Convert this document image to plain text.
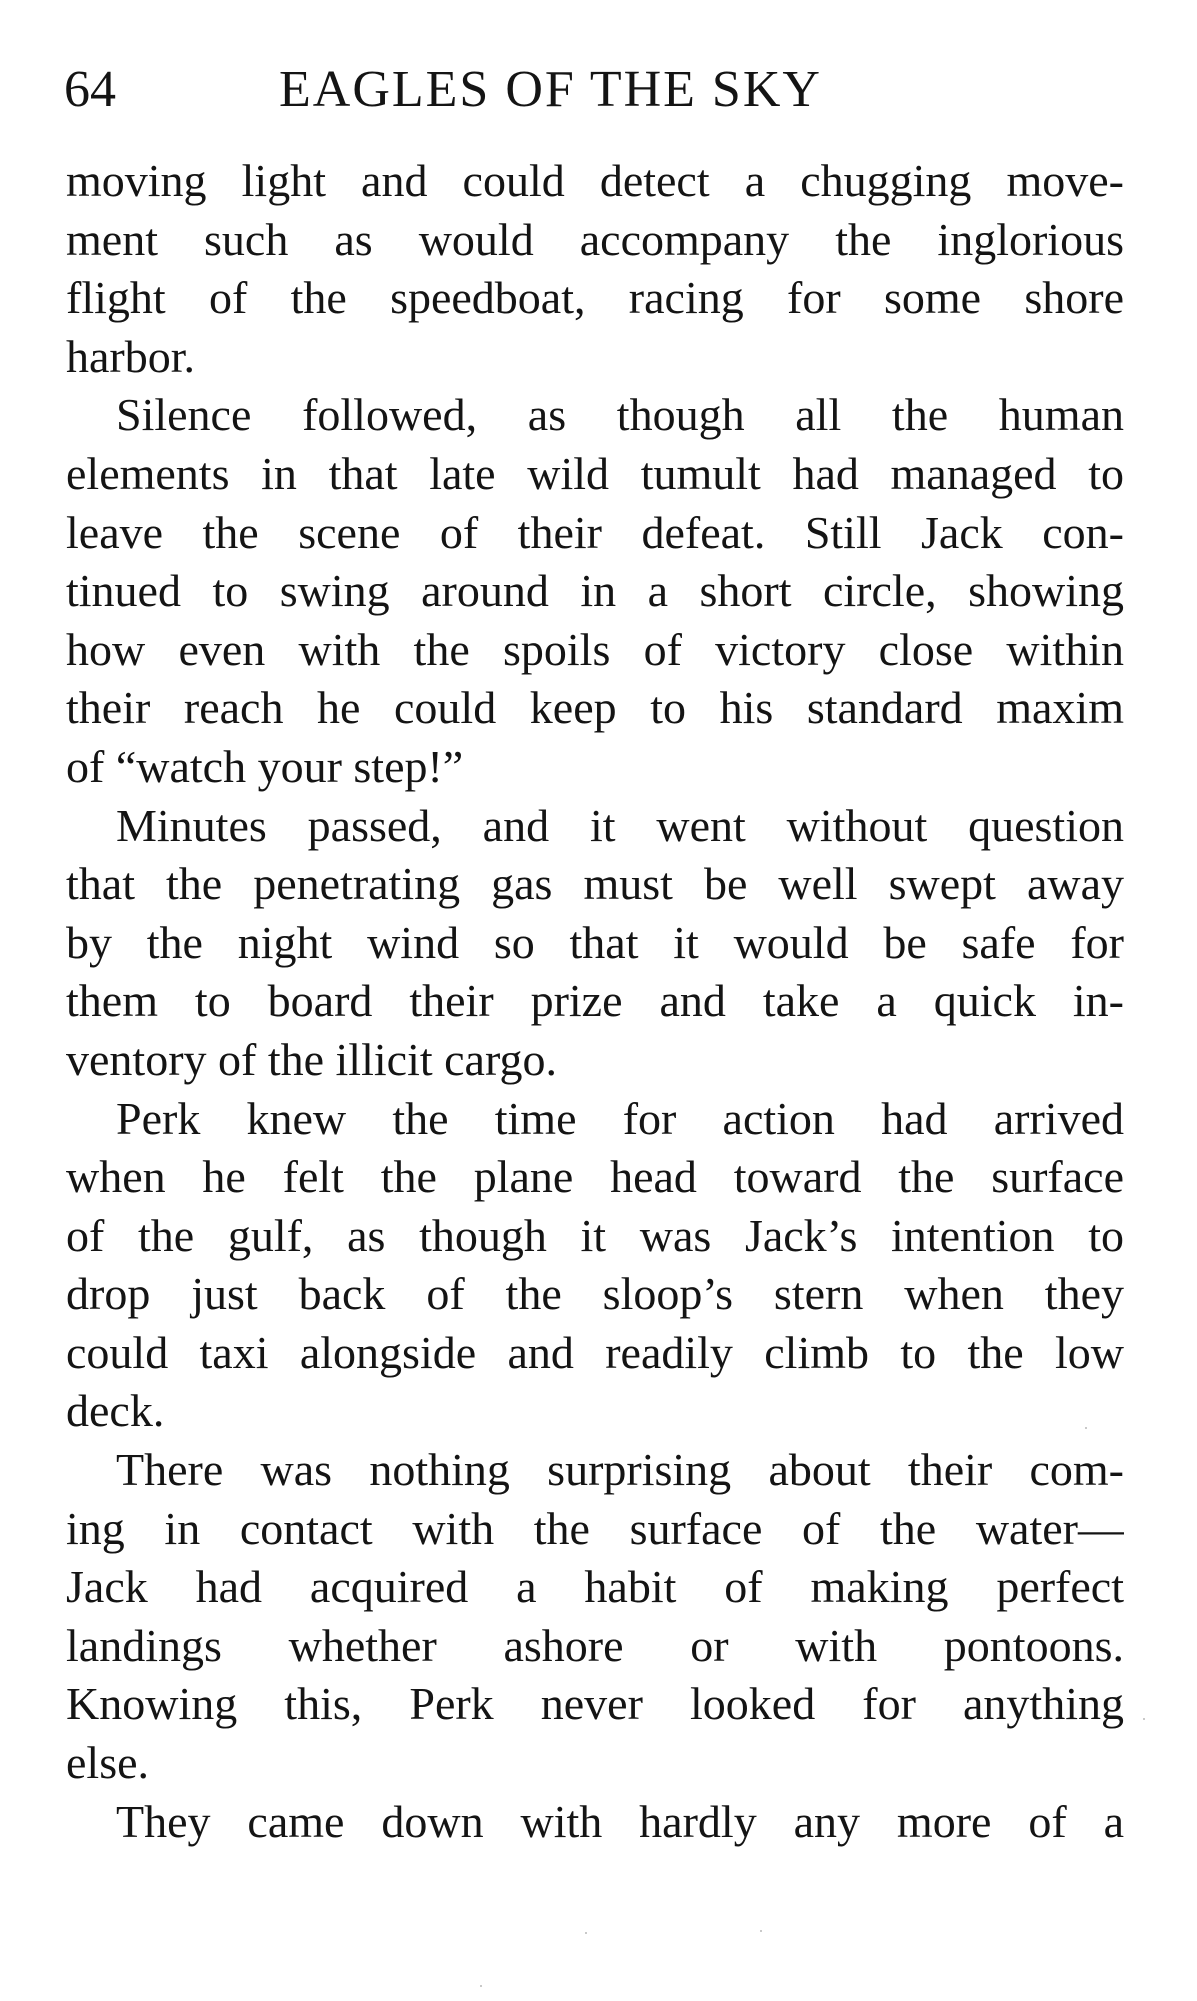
64	EAGLES OF THE SKY
moving light and could detect a chugging move-
ment such as would accompany the inglorious
flight of the speedboat, racing for some shore
harbor.
Silence followed, as though all the human
elements in that late wild tumult had managed to
leave the scene of their defeat. Still Jack con-
tinued to swing around in a short circle, showing
how even with the spoils of victory close within
their reach he could keep to his standard maxim
of “watch your step!”
Minutes passed, and it went without question
that the penetrating gas must be well swept away
by the night wind so that it would be safe for
them to board their prize and take a quick in-
ventory of the illicit cargo.
Perk knew the time for action had arrived
when he felt the plane head toward the surface
of the gulf, as though it was Jack’s intention to
drop just back of the sloop’s stern when they
could taxi alongside and readily climb to the low
deck.
There was nothing surprising about their com-
ing in contact with the surface of the water—
Jack had acquired a habit of making perfect
landings whether ashore or with pontoons.
Knowing this, Perk never looked for anything
else.
They came down with hardly any more of a
